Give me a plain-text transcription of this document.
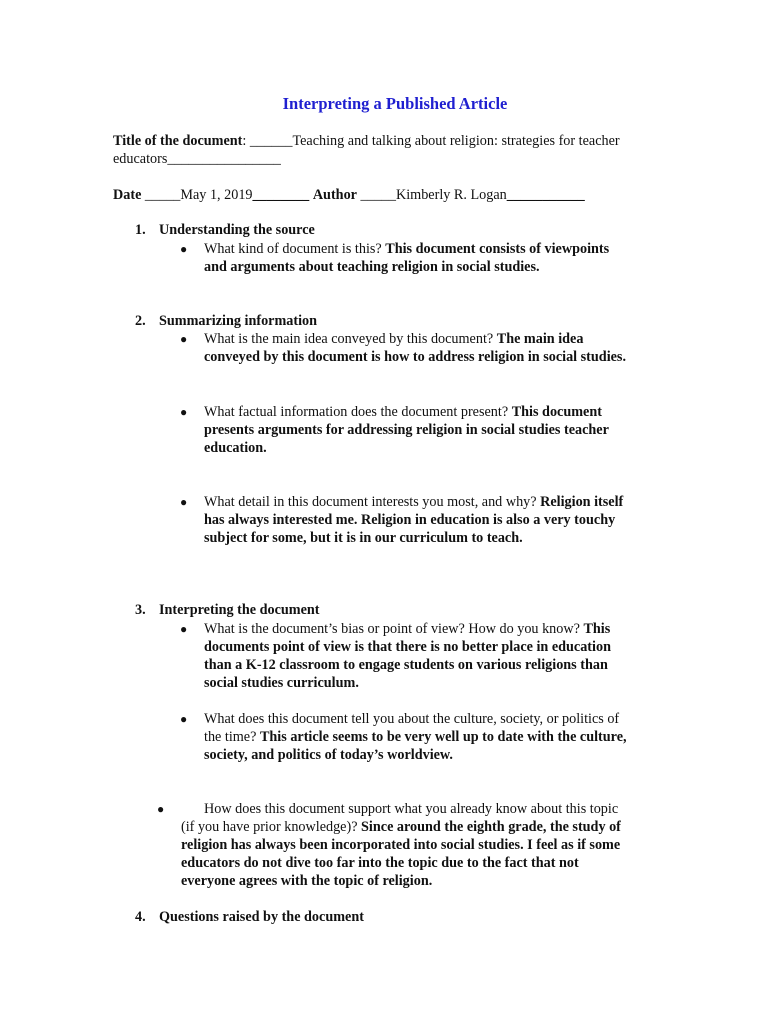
Interpreting a Published Article
Title of the document: ______Teaching and talking about religion: strategies for teacher
educators________________
Date _____May 1, 2019________ Author _____Kimberly R. Logan___________
1. Understanding the source
● What kind of document is this? This document consists of viewpoints
and arguments about teaching religion in social studies.
2. Summarizing information
● What is the main idea conveyed by this document? The main idea
conveyed by this document is how to address religion in social studies.
● What factual information does the document present? This document
presents arguments for addressing religion in social studies teacher
education.
● What detail in this document interests you most, and why? Religion itself
has always interested me. Religion in education is also a very touchy
subject for some, but it is in our curriculum to teach.
3. Interpreting the document
● What is the document’s bias or point of view? How do you know? This
documents point of view is that there is no better place in education
than a K-12 classroom to engage students on various religions than
social studies curriculum.
● What does this document tell you about the culture, society, or politics of
the time? This article seems to be very well up to date with the culture,
society, and politics of today’s worldview.
●	How does this document support what you already know about this topic
(if you have prior knowledge)? Since around the eighth grade, the study of
religion has always been incorporated into social studies. I feel as if some
educators do not dive too far into the topic due to the fact that not
everyone agrees with the topic of religion.
4. Questions raised by the document
